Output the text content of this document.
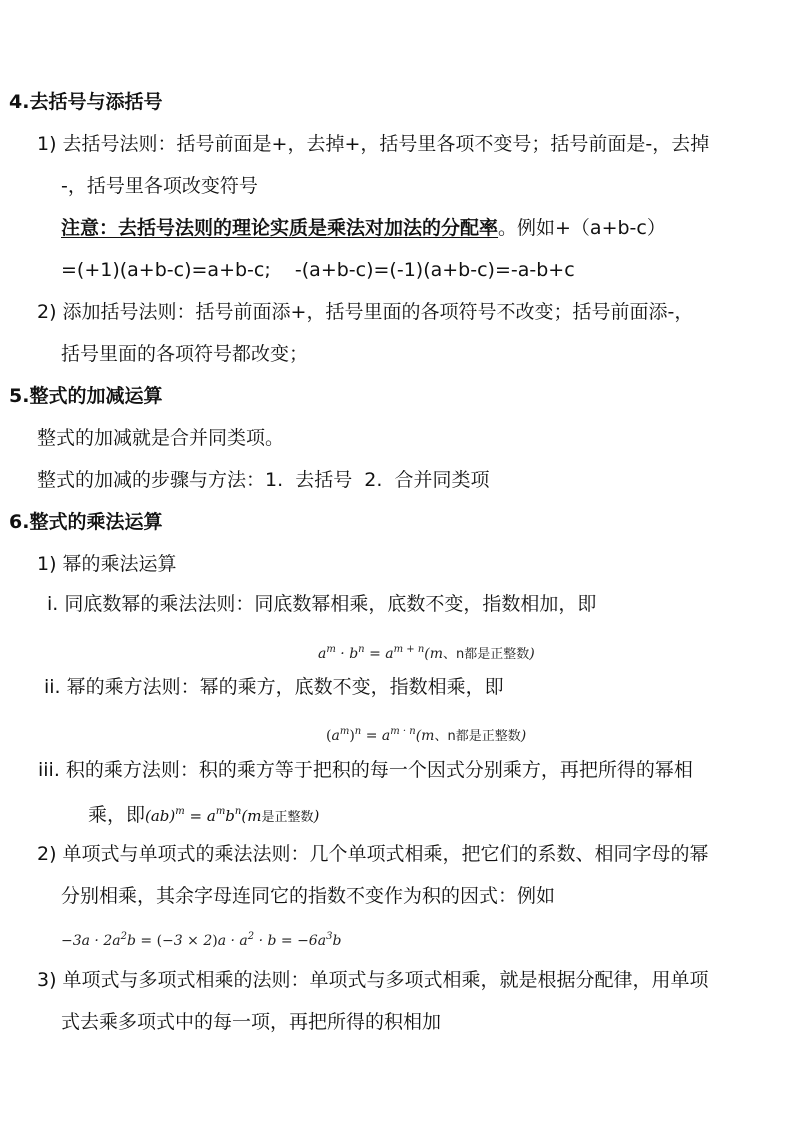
4.去括号与添括号
1) 去括号法则：括号前面是+，去掉+，括号里各项不变号；括号前面是-，去掉
-，括号里各项改变符号
注意：去括号法则的理论实质是乘法对加法的分配率。例如+（a+b-c）
=(+1)(a+b-c)=a+b-c;    -(a+b-c)=(-1)(a+b-c)=-a-b+c
2) 添加括号法则：括号前面添+，括号里面的各项符号不改变；括号前面添-，
括号里面的各项符号都改变；
5.整式的加减运算
整式的加减就是合并同类项。
整式的加减的步骤与方法：1.  去括号  2.  合并同类项
6.整式的乘法运算
1) 幂的乘法运算
i. 同底数幂的乘法法则：同底数幂相乘，底数不变，指数相加，即
$a^m \cdot b^n = a^{m + n}(m$、n都是正整数)
ii. 幂的乘方法则：幂的乘方，底数不变，指数相乘，即
$(a^m)^n = a^{m \cdot n}(m$、n都是正整数)
iii. 积的乘方法则：积的乘方等于把积的每一个因式分别乘方，再把所得的幂相
乘，即$(ab)^m = a^mb^n(m$是正整数)
2) 单项式与单项式的乘法法则：几个单项式相乘，把它们的系数、相同字母的幂
分别相乘，其余字母连同它的指数不变作为积的因式：例如
$-3a \cdot 2a^2b = (-3 \times 2)a \cdot a^2 \cdot b = -6a^3b$
3) 单项式与多项式相乘的法则：单项式与多项式相乘，就是根据分配律，用单项
式去乘多项式中的每一项，再把所得的积相加
